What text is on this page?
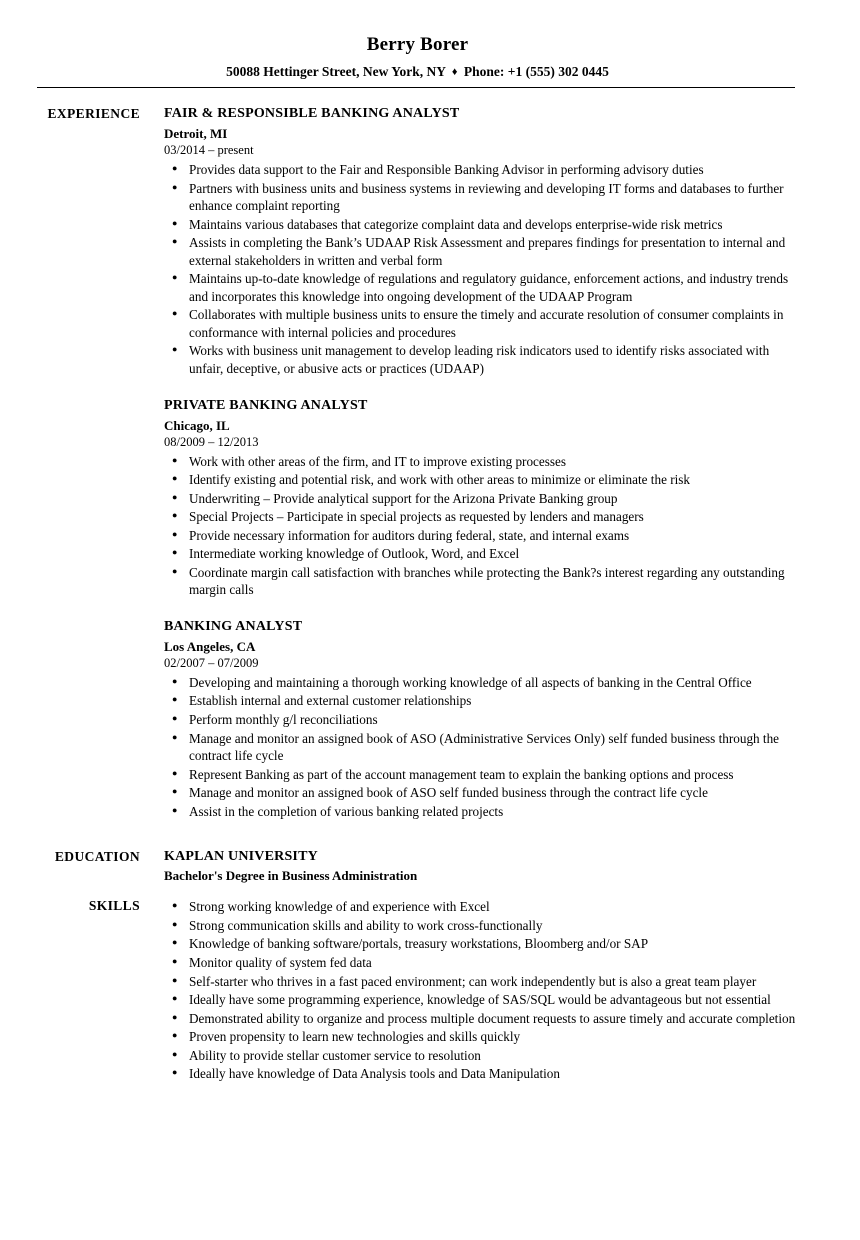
Berry Borer
50088 Hettinger Street, New York, NY ♦ Phone: +1 (555) 302 0445
EXPERIENCE	FAIR & RESPONSIBLE BANKING ANALYST
Detroit, MI
03/2014 – present
● Provides data support to the Fair and Responsible Banking Advisor in performing advisory duties
● Partners with business units and business systems in reviewing and developing IT forms and databases to further enhance complaint reporting
● Maintains various databases that categorize complaint data and develops enterprise-wide risk metrics
● Assists in completing the Bank’s UDAAP Risk Assessment and prepares findings for presentation to internal and external stakeholders in written and verbal form
● Maintains up-to-date knowledge of regulations and regulatory guidance, enforcement actions, and industry trends and incorporates this knowledge into ongoing development of the UDAAP Program
● Collaborates with multiple business units to ensure the timely and accurate resolution of consumer complaints in conformance with internal policies and procedures
● Works with business unit management to develop leading risk indicators used to identify risks associated with unfair, deceptive, or abusive acts or practices (UDAAP)
PRIVATE BANKING ANALYST
Chicago, IL
08/2009 – 12/2013
● Work with other areas of the firm, and IT to improve existing processes
● Identify existing and potential risk, and work with other areas to minimize or eliminate the risk
● Underwriting – Provide analytical support for the Arizona Private Banking group
● Special Projects – Participate in special projects as requested by lenders and managers
● Provide necessary information for auditors during federal, state, and internal exams
● Intermediate working knowledge of Outlook, Word, and Excel
● Coordinate margin call satisfaction with branches while protecting the Bank?s interest regarding any outstanding margin calls
BANKING ANALYST
Los Angeles, CA
02/2007 – 07/2009
● Developing and maintaining a thorough working knowledge of all aspects of banking in the Central Office
● Establish internal and external customer relationships
● Perform monthly g/l reconciliations
● Manage and monitor an assigned book of ASO (Administrative Services Only) self funded business through the contract life cycle
● Represent Banking as part of the account management team to explain the banking options and process
● Manage and monitor an assigned book of ASO self funded business through the contract life cycle
● Assist in the completion of various banking related projects
EDUCATION	KAPLAN UNIVERSITY
Bachelor's Degree in Business Administration
SKILLS	● Strong working knowledge of and experience with Excel
● Strong communication skills and ability to work cross-functionally
● Knowledge of banking software/portals, treasury workstations, Bloomberg and/or SAP
● Monitor quality of system fed data
● Self-starter who thrives in a fast paced environment; can work independently but is also a great team player
● Ideally have some programming experience, knowledge of SAS/SQL would be advantageous but not essential
● Demonstrated ability to organize and process multiple document requests to assure timely and accurate completion
● Proven propensity to learn new technologies and skills quickly
● Ability to provide stellar customer service to resolution
● Ideally have knowledge of Data Analysis tools and Data Manipulation
